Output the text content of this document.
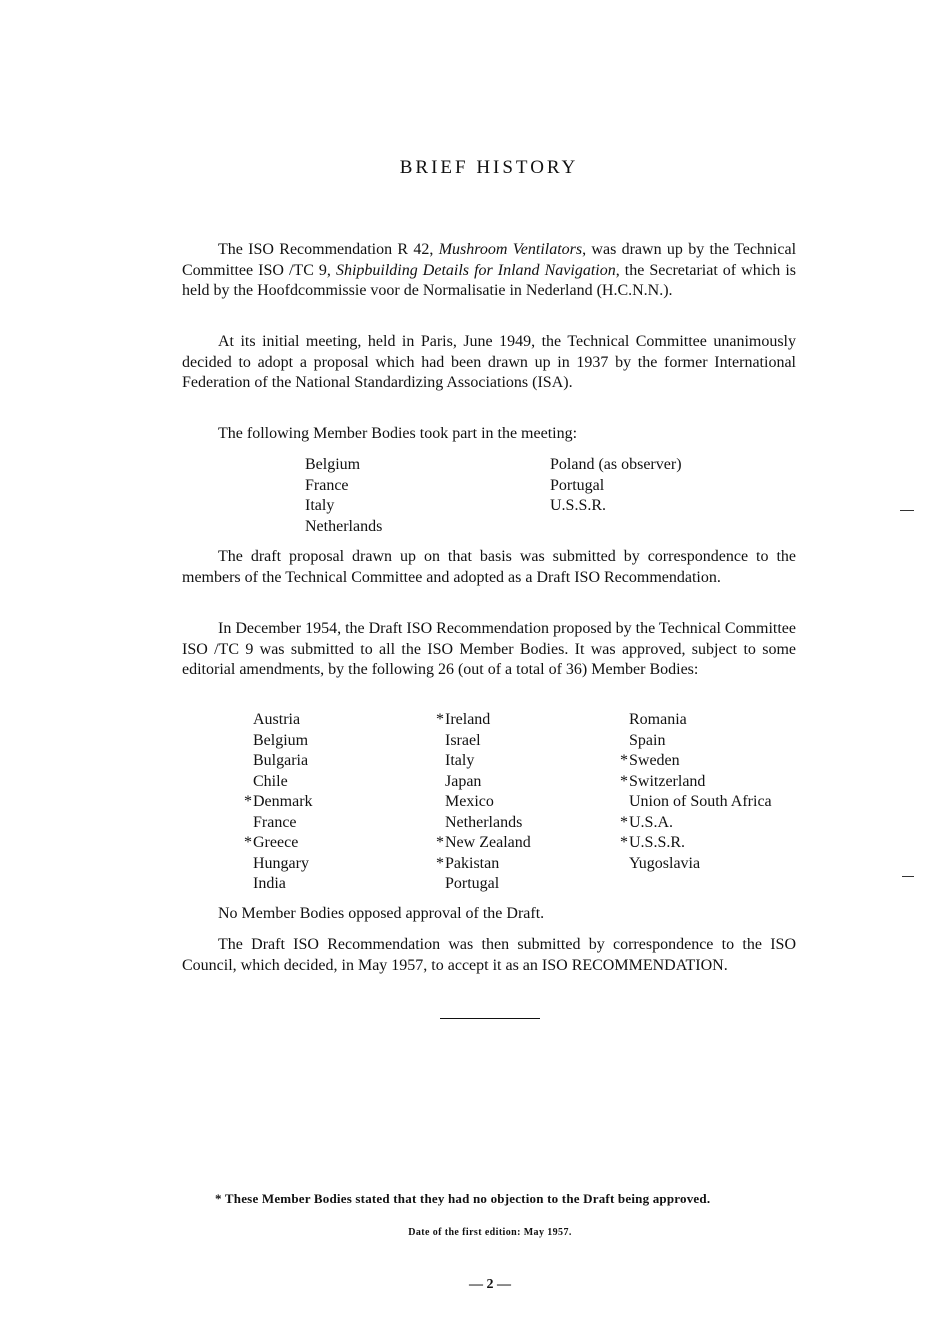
BRIEF HISTORY

The ISO Recommendation R 42, Mushroom Ventilators, was drawn up by the Technical Committee ISO /TC 9, Shipbuilding Details for Inland Navigation, the Secretariat of which is held by the Hoofdcommissie voor de Normalisatie in Nederland (H.C.N.N.).

At its initial meeting, held in Paris, June 1949, the Technical Committee unanimously decided to adopt a proposal which had been drawn up in 1937 by the former International Federation of the National Standardizing Associations (ISA).

The following Member Bodies took part in the meeting:

Belgium
France
Italy
Netherlands
Poland (as observer)
Portugal
U.S.S.R.

The draft proposal drawn up on that basis was submitted by correspondence to the members of the Technical Committee and adopted as a Draft ISO Recommendation.

In December 1954, the Draft ISO Recommendation proposed by the Technical Committee ISO /TC 9 was submitted to all the ISO Member Bodies. It was approved, subject to some editorial amendments, by the following 26 (out of a total of 36) Member Bodies:

Austria
Belgium
Bulgaria
Chile
*Denmark
France
*Greece
Hungary
India
*Ireland
Israel
Italy
Japan
Mexico
Netherlands
*New Zealand
*Pakistan
Portugal
Romania
Spain
*Sweden
*Switzerland
Union of South Africa
*U.S.A.
*U.S.S.R.
Yugoslavia

No Member Bodies opposed approval of the Draft.

The Draft ISO Recommendation was then submitted by correspondence to the ISO Council, which decided, in May 1957, to accept it as an ISO RECOMMENDATION.

* These Member Bodies stated that they had no objection to the Draft being approved.
Date of the first edition: May 1957.
— 2 —
